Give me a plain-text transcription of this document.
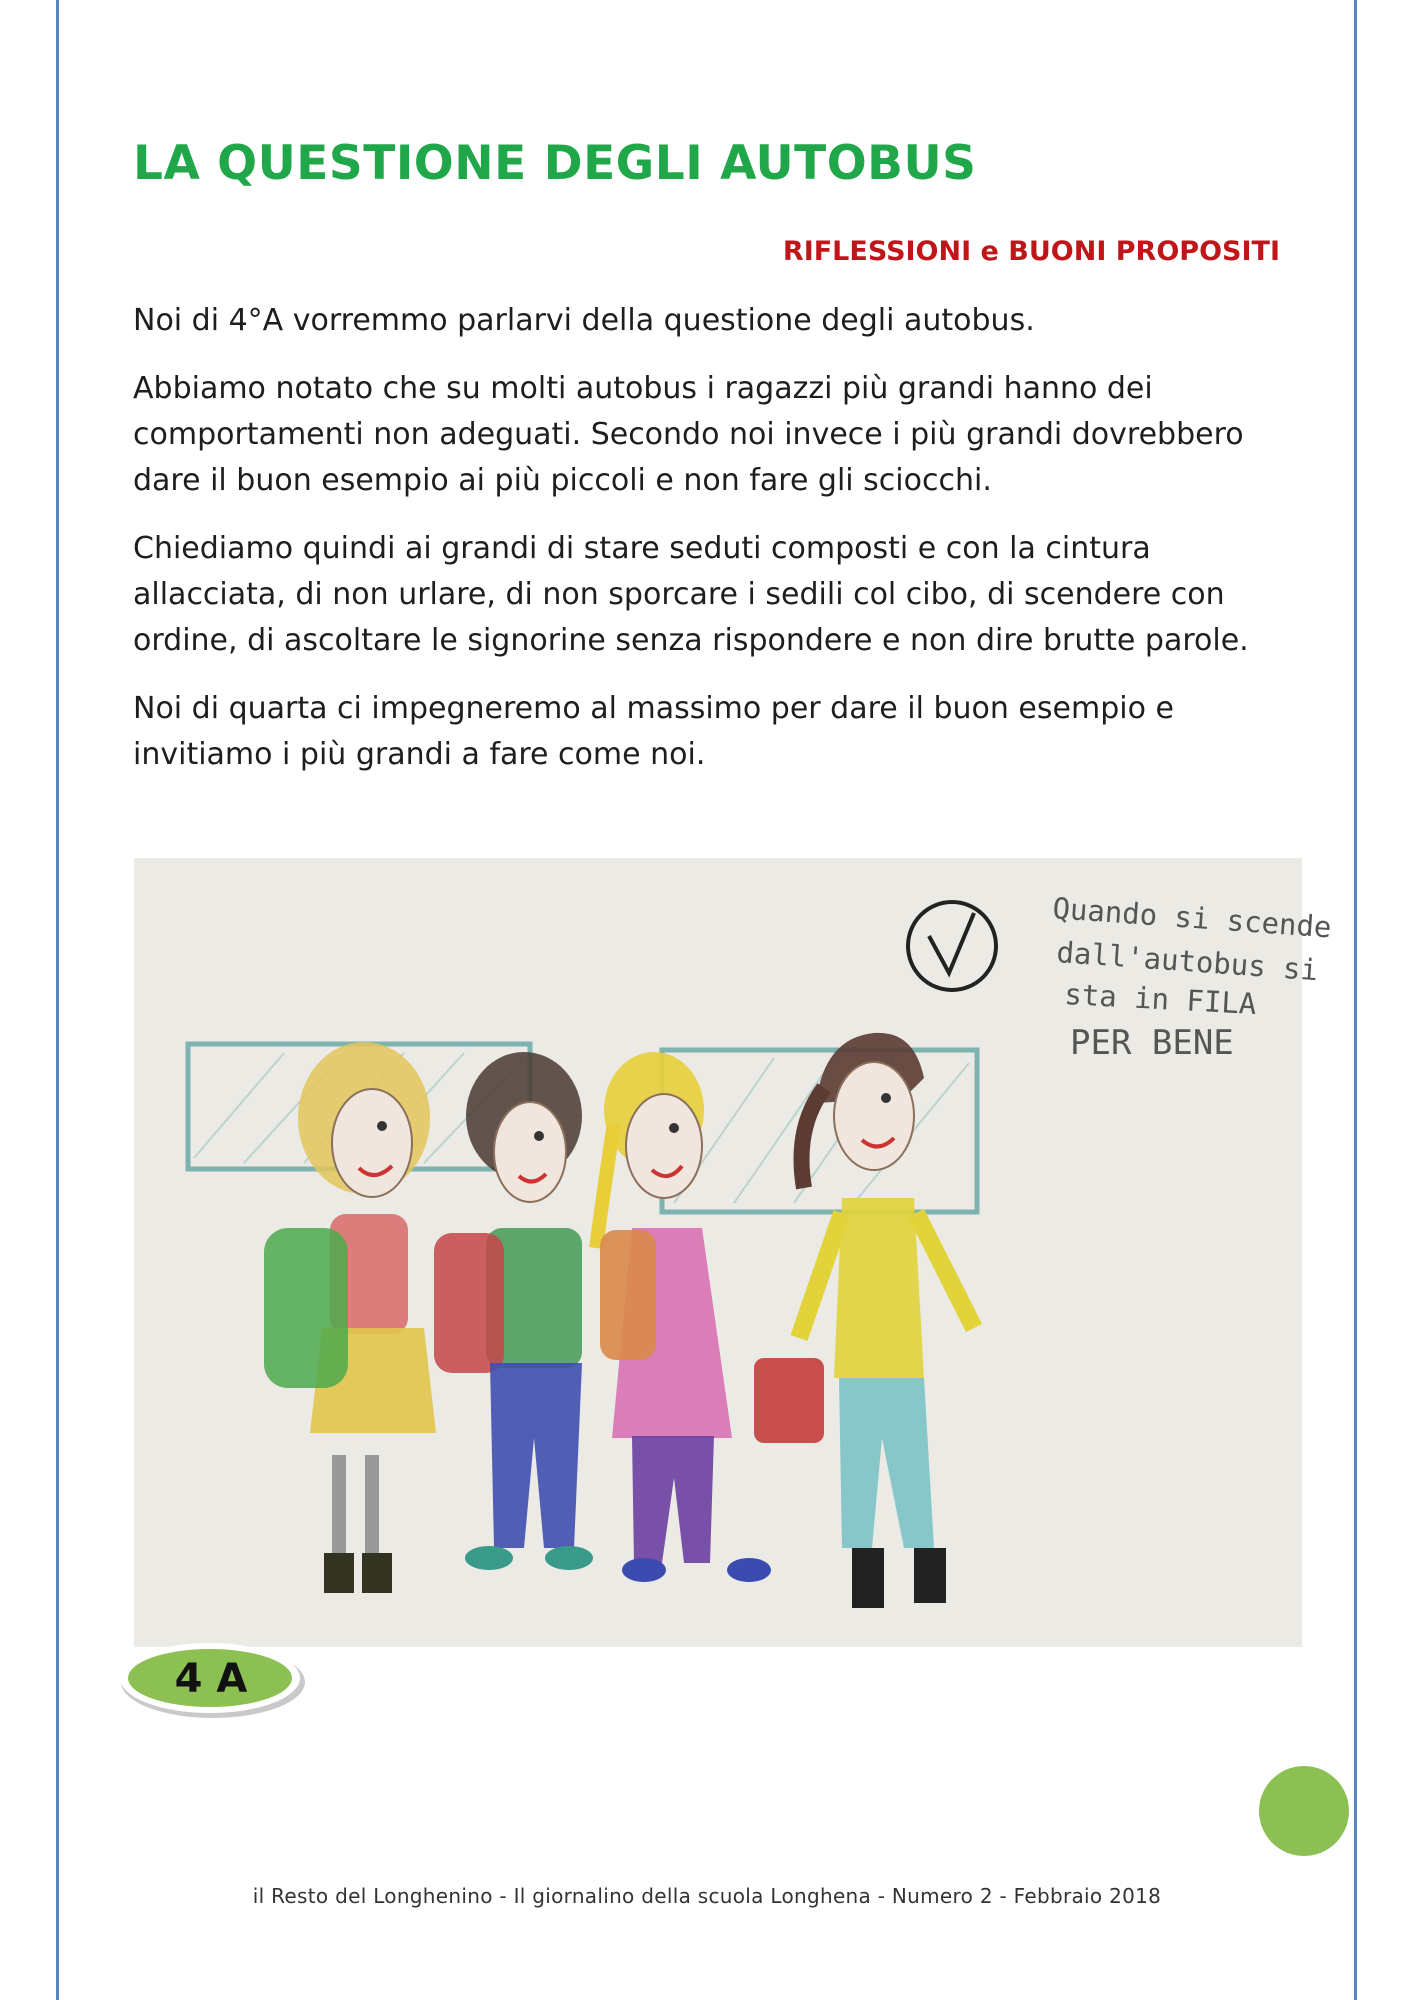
LA QUESTIONE DEGLI AUTOBUS
RIFLESSIONI e BUONI PROPOSITI

Noi di 4°A vorremmo parlarvi della questione degli autobus.

Abbiamo notato che su molti autobus i ragazzi più grandi hanno dei comportamenti non adeguati. Secondo noi invece i più grandi dovrebbero dare il buon esempio ai più piccoli e non fare gli sciocchi.

Chiediamo quindi ai grandi di stare seduti composti e con la cintura allacciata, di non urlare, di non sporcare i sedili col cibo, di scendere con ordine, di ascoltare le signorine senza rispondere e non dire brutte parole.

Noi di quarta ci impegneremo al massimo per dare il buon esempio e invitiamo i più grandi a fare come noi.

Quando si scende
dall'autobus si
sta in FILA
PER BENE
4 A
il Resto del Longhenino - Il giornalino della scuola Longhena - Numero 2 - Febbraio 2018
